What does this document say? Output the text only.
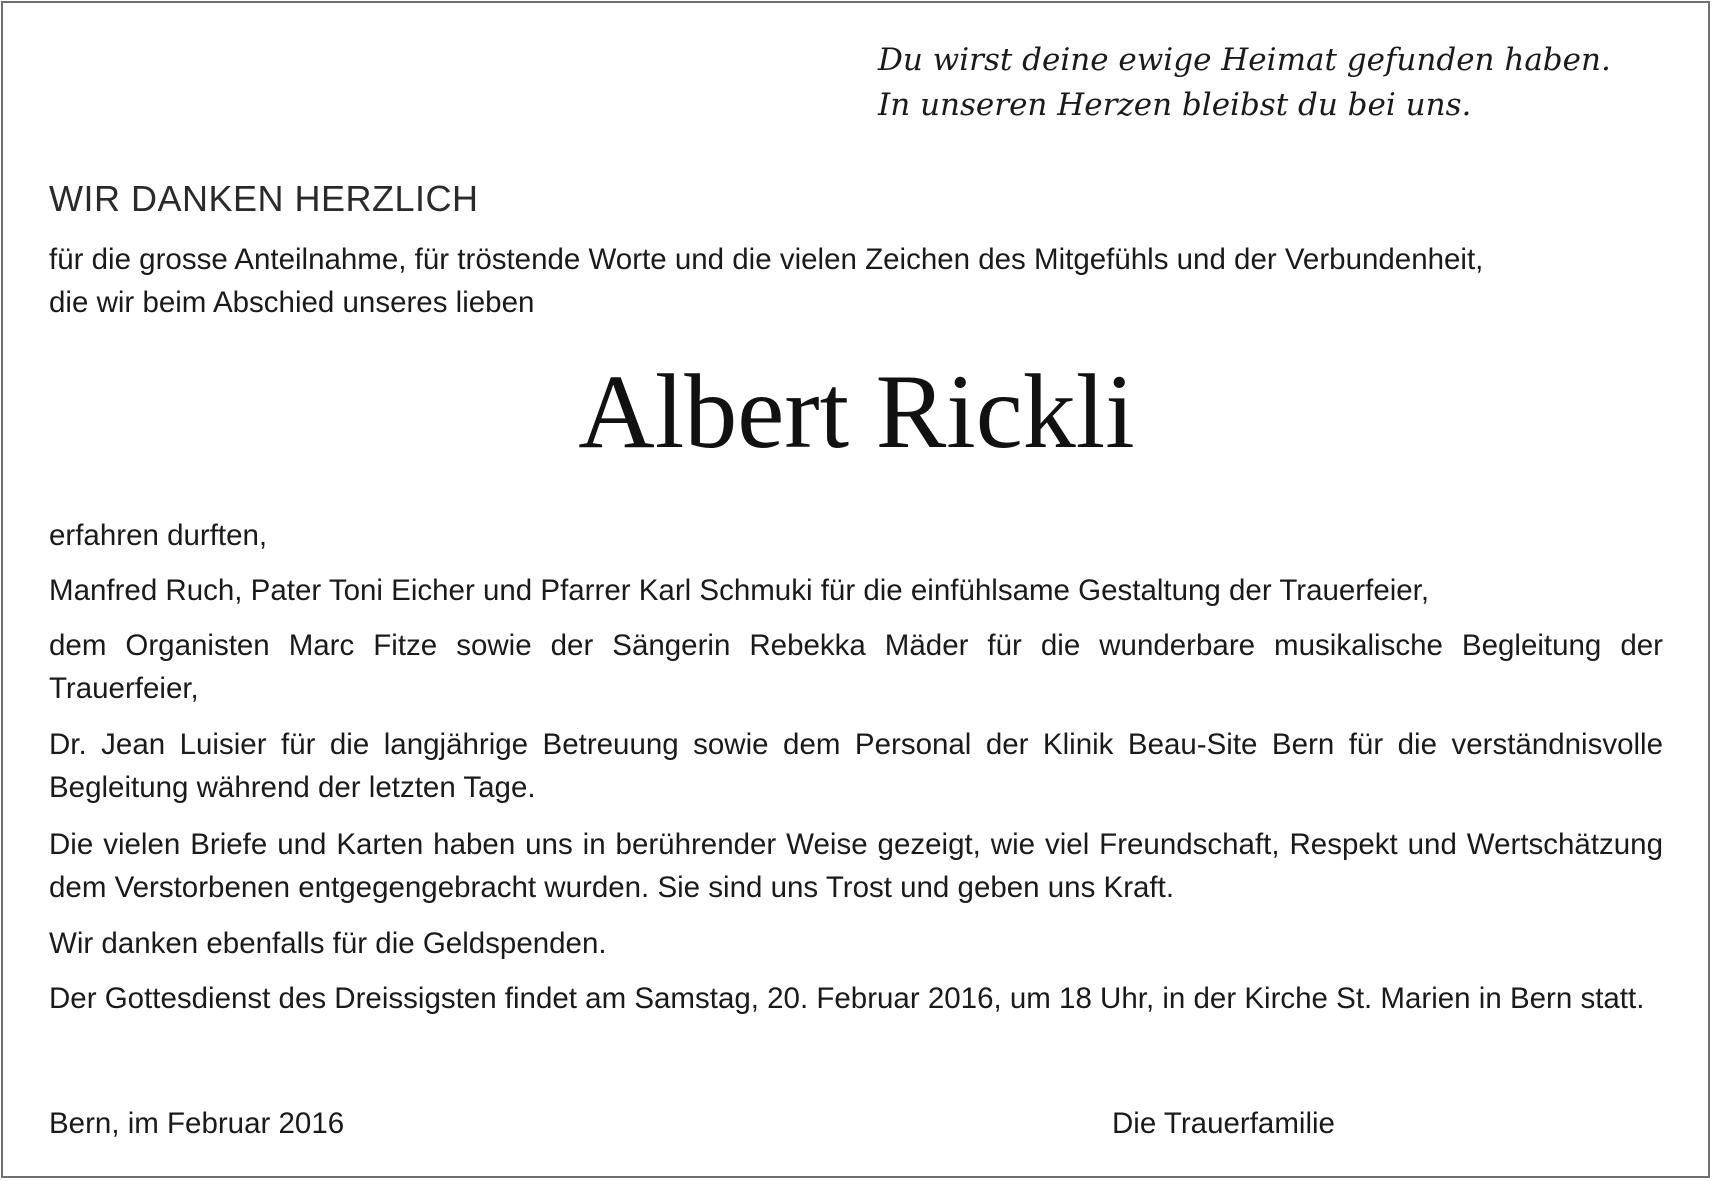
Du wirst deine ewige Heimat gefunden haben.
In unseren Herzen bleibst du bei uns.
WIR DANKEN HERZLICH
für die grosse Anteilnahme, für tröstende Worte und die vielen Zeichen des Mitgefühls und der Verbundenheit,
die wir beim Abschied unseres lieben
Albert Rickli
erfahren durften,
Manfred Ruch, Pater Toni Eicher und Pfarrer Karl Schmuki für die einfühlsame Gestaltung der Trauerfeier,
dem Organisten Marc Fitze sowie der Sängerin Rebekka Mäder für die wunderbare musikalische Begleitung der Trauerfeier,
Dr. Jean Luisier für die langjährige Betreuung sowie dem Personal der Klinik Beau-Site Bern für die verständnisvolle Begleitung während der letzten Tage.
Die vielen Briefe und Karten haben uns in berührender Weise gezeigt, wie viel Freundschaft, Respekt und Wertschätzung dem Verstorbenen entgegengebracht wurden. Sie sind uns Trost und geben uns Kraft.
Wir danken ebenfalls für die Geldspenden.
Der Gottesdienst des Dreissigsten findet am Samstag, 20. Februar 2016, um 18 Uhr, in der Kirche St. Marien in Bern statt.
Bern, im Februar 2016	Die Trauerfamilie
